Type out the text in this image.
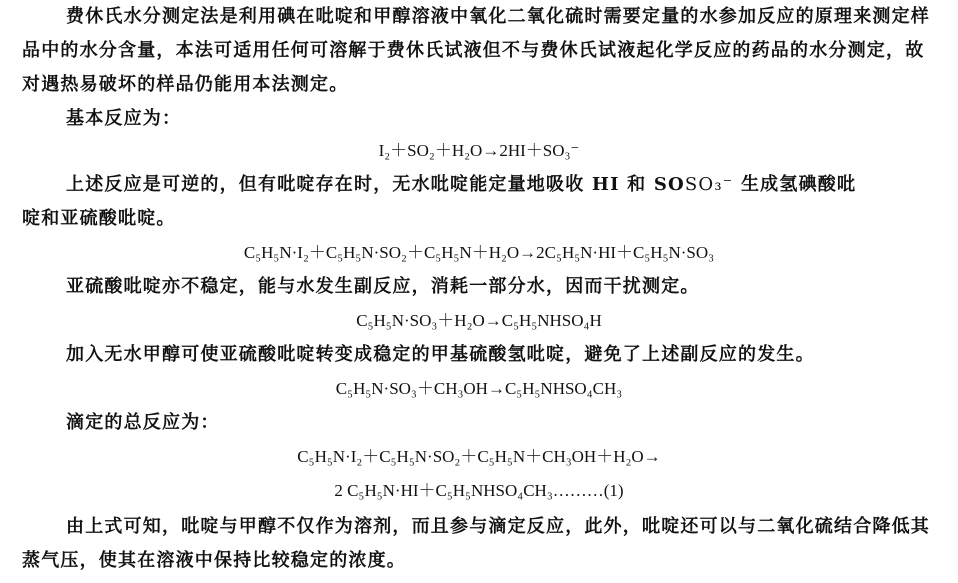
费休氏水分测定法是利用碘在吡啶和甲醇溶液中氧化二氧化硫时需要定量的水参加反应的原理来测定样品中的水分含量，本法可适用任何可溶解于费休氏试液但不与费休氏试液起化学反应的药品的水分测定，故对遇热易破坏的样品仍能用本法测定。
基本反应为：
I₂＋SO₂＋H₂O→2HI＋SO₃⁻
上述反应是可逆的，但有吡啶存在时，无水吡啶能定量地吸收 HI 和 SOSO₃⁻ 生成氢碘酸吡
啶和亚硫酸吡啶。
C₅H₅N·I₂＋C₅H₅N·SO₂＋C₅H₅N＋H₂O→2C₅H₅N·HI＋C₅H₅N·SO₃
亚硫酸吡啶亦不稳定，能与水发生副反应，消耗一部分水，因而干扰测定。
C₅H₅N·SO₃＋H₂O→C₅H₅NHSO₄H
加入无水甲醇可使亚硫酸吡啶转变成稳定的甲基硫酸氢吡啶，避免了上述副反应的发生。
C₅H₅N·SO₃＋CH₃OH→C₅H₅NHSO₄CH₃
滴定的总反应为：
C₅H₅N·I₂＋C₅H₅N·SO₂＋C₅H₅N＋CH₃OH＋H₂O→
2 C₅H₅N·HI＋C₅H₅NHSO₄CH₃………(1)
由上式可知，吡啶与甲醇不仅作为溶剂，而且参与滴定反应，此外，吡啶还可以与二氧化硫结合降低其蒸气压，使其在溶液中保持比较稳定的浓度。
